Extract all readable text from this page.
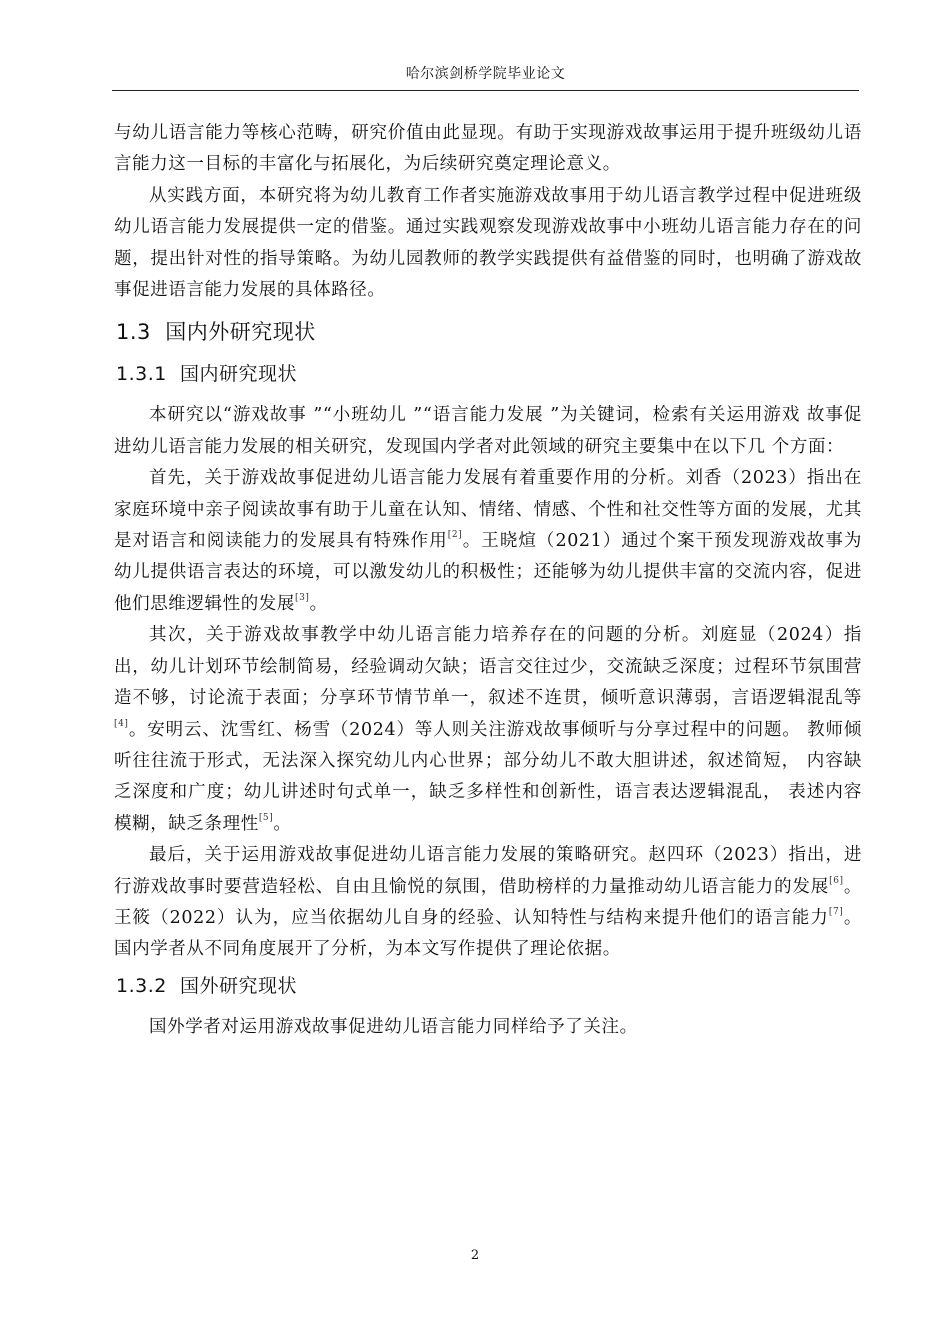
哈尔滨剑桥学院毕业论文

与幼儿语言能力等核心范畴，研究价值由此显现。有助于实现游戏故事运用于提升班级幼儿语言能力这一目标的丰富化与拓展化，为后续研究奠定理论意义。

从实践方面，本研究将为幼儿教育工作者实施游戏故事用于幼儿语言教学过程中促进班级幼儿语言能力发展提供一定的借鉴。通过实践观察发现游戏故事中小班幼儿语言能力存在的问题，提出针对性的指导策略。为幼儿园教师的教学实践提供有益借鉴的同时，也明确了游戏故事促进语言能力发展的具体路径。

1.3 国内外研究现状
1.3.1 国内研究现状

本研究以“游戏故事 ”“小班幼儿 ”“语言能力发展 ”为关键词，检索有关运用游戏 故事促进幼儿语言能力发展的相关研究，发现国内学者对此领域的研究主要集中在以下几 个方面：

首先，关于游戏故事促进幼儿语言能力发展有着重要作用的分析。刘香（2023）指出在家庭环境中亲子阅读故事有助于儿童在认知、情绪、情感、个性和社交性等方面的发展，尤其是对语言和阅读能力的发展具有特殊作用[2]。王晓煊（2021）通过个案干预发现游戏故事为幼儿提供语言表达的环境，可以激发幼儿的积极性；还能够为幼儿提供丰富的交流内容，促进他们思维逻辑性的发展[3]。

其次，关于游戏故事教学中幼儿语言能力培养存在的问题的分析。刘庭显（2024）指出，幼儿计划环节绘制简易，经验调动欠缺；语言交往过少，交流缺乏深度；过程环节氛围营造不够，讨论流于表面；分享环节情节单一，叙述不连贯，倾听意识薄弱，言语逻辑混乱等[4]。安明云、沈雪红、杨雪（2024）等人则关注游戏故事倾听与分享过程中的问题。 教师倾听往往流于形式，无法深入探究幼儿内心世界；部分幼儿不敢大胆讲述，叙述简短， 内容缺乏深度和广度；幼儿讲述时句式单一，缺乏多样性和创新性，语言表达逻辑混乱， 表述内容模糊，缺乏条理性[5]。

最后，关于运用游戏故事促进幼儿语言能力发展的策略研究。赵四环（2023）指出，进行游戏故事时要营造轻松、自由且愉悦的氛围，借助榜样的力量推动幼儿语言能力的发展[6]。王筱（2022）认为，应当依据幼儿自身的经验、认知特性与结构来提升他们的语言能力[7]。国内学者从不同角度展开了分析，为本文写作提供了理论依据。

1.3.2 国外研究现状

国外学者对运用游戏故事促进幼儿语言能力同样给予了关注。

2
